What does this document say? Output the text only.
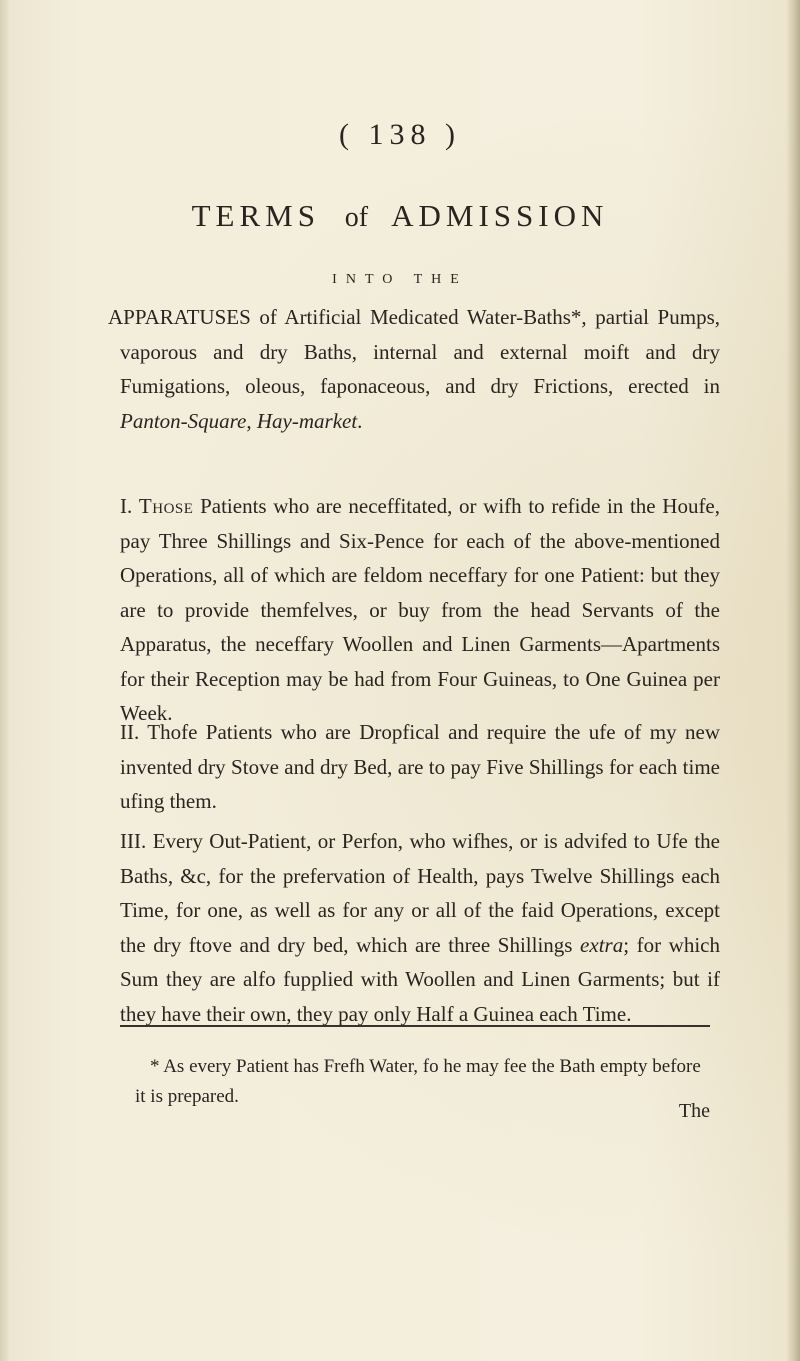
( 138 )
TERMS of ADMISSION
INTO THE

APPARATUSES of Artificial Medicated Water-Baths*, partial Pumps, vaporous and dry Baths, internal and external moift and dry Fumigations, oleous, faponaceous, and dry Frictions, erected in Panton-Square, Hay-market.

I. Those Patients who are neceffitated, or wifh to refide in the Houfe, pay Three Shillings and Six-Pence for each of the above-mentioned Operations, all of which are feldom neceffary for one Patient: but they are to provide themfelves, or buy from the head Servants of the Apparatus, the neceffary Woollen and Linen Garments—Apartments for their Reception may be had from Four Guineas, to One Guinea per Week.

II. Thofe Patients who are Dropfical and require the ufe of my new invented dry Stove and dry Bed, are to pay Five Shillings for each time ufing them.

III. Every Out-Patient, or Perfon, who wifhes, or is advifed to Ufe the Baths, &c, for the prefervation of Health, pays Twelve Shillings each Time, for one, as well as for any or all of the faid Operations, except the dry ftove and dry bed, which are three Shillings extra; for which Sum they are alfo fupplied with Woollen and Linen Garments; but if they have their own, they pay only Half a Guinea each Time.

* As every Patient has Frefh Water, fo he may fee the Bath empty before it is prepared.
The
